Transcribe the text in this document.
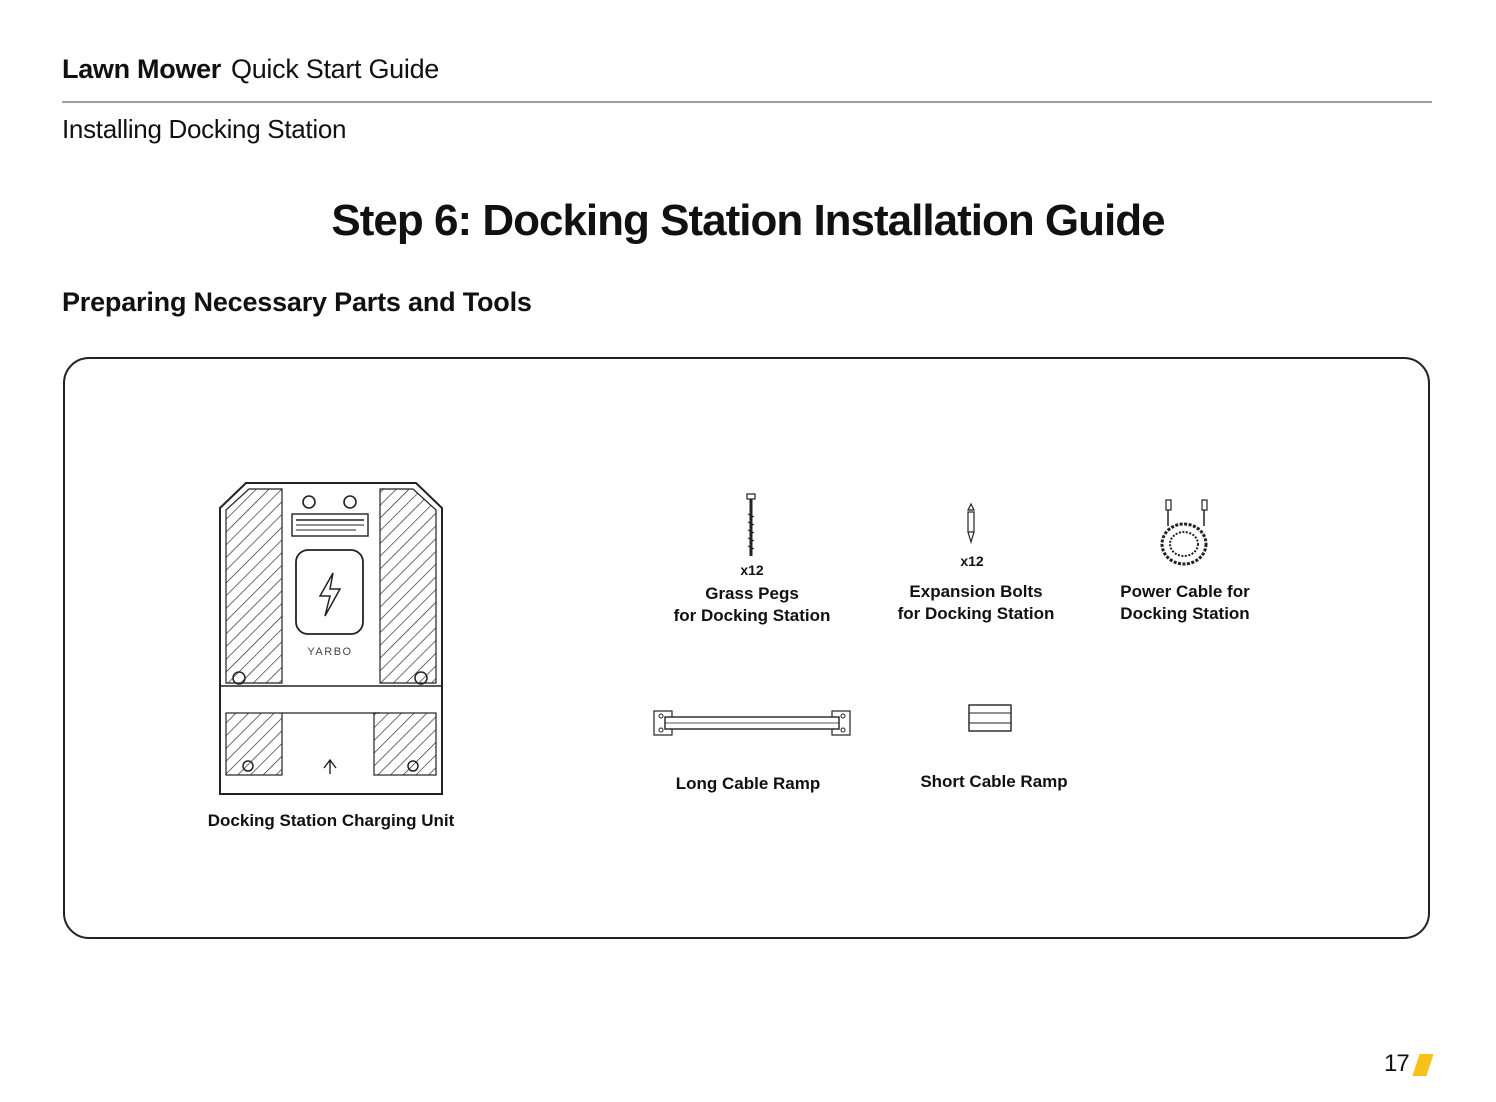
Lawn Mower Quick Start Guide
Installing Docking Station
Step 6: Docking Station Installation Guide
Preparing Necessary Parts and Tools
YARBO
Docking Station Charging Unit
x12
Grass Pegs
for Docking Station
x12
Expansion Bolts
for Docking Station
Power Cable for
Docking Station
Long Cable Ramp	Short Cable Ramp
17
